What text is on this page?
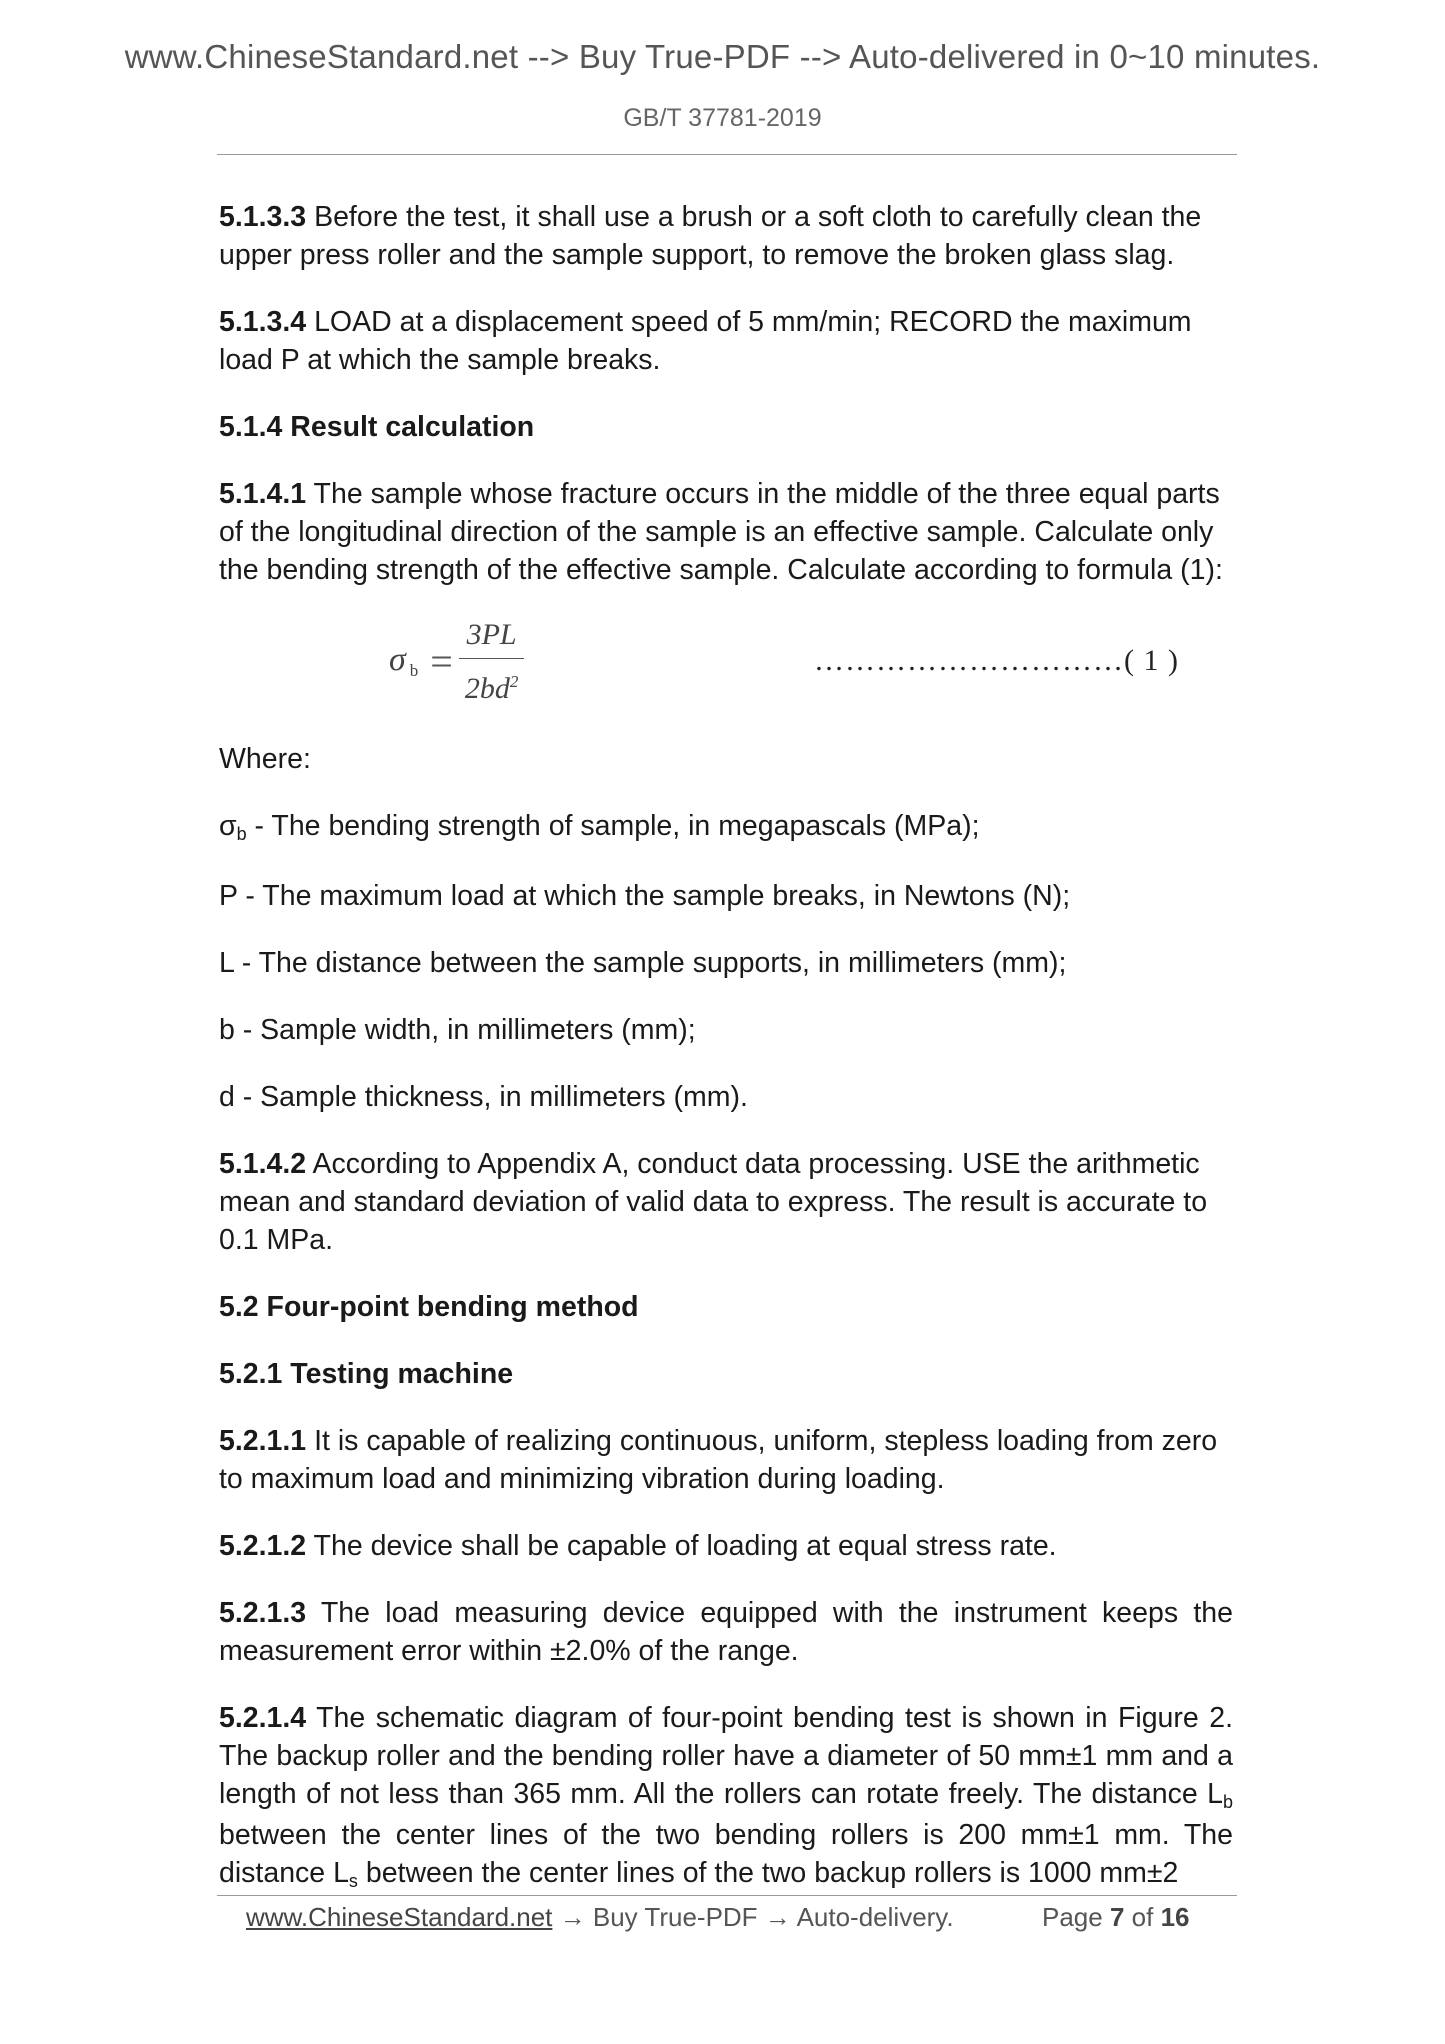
www.ChineseStandard.net --> Buy True-PDF --> Auto-delivered in 0~10 minutes.
GB/T 37781-2019

5.1.3.3 Before the test, it shall use a brush or a soft cloth to carefully clean the upper press roller and the sample support, to remove the broken glass slag.

5.1.3.4 LOAD at a displacement speed of 5 mm/min; RECORD the maximum load P at which the sample breaks.

5.1.4 Result calculation

5.1.4.1 The sample whose fracture occurs in the middle of the three equal parts of the longitudinal direction of the sample is an effective sample. Calculate only the bending strength of the effective sample. Calculate according to formula (1):

$\sigma b = \frac{3PL}{2bd^2}$	…………………………( 1 )

Where:

σb - The bending strength of sample, in megapascals (MPa);

P - The maximum load at which the sample breaks, in Newtons (N);

L - The distance between the sample supports, in millimeters (mm);

b - Sample width, in millimeters (mm);

d - Sample thickness, in millimeters (mm).

5.1.4.2 According to Appendix A, conduct data processing. USE the arithmetic mean and standard deviation of valid data to express. The result is accurate to 0.1 MPa.

5.2 Four-point bending method

5.2.1 Testing machine

5.2.1.1 It is capable of realizing continuous, uniform, stepless loading from zero to maximum load and minimizing vibration during loading.

5.2.1.2 The device shall be capable of loading at equal stress rate.

5.2.1.3 The load measuring device equipped with the instrument keeps the measurement error within ±2.0% of the range.

5.2.1.4 The schematic diagram of four-point bending test is shown in Figure 2. The backup roller and the bending roller have a diameter of 50 mm±1 mm and a length of not less than 365 mm. All the rollers can rotate freely. The distance Lb between the center lines of the two bending rollers is 200 mm±1 mm. The distance Ls between the center lines of the two backup rollers is 1000 mm±2

www.ChineseStandard.net → Buy True-PDF → Auto-delivery.	Page 7 of 16
